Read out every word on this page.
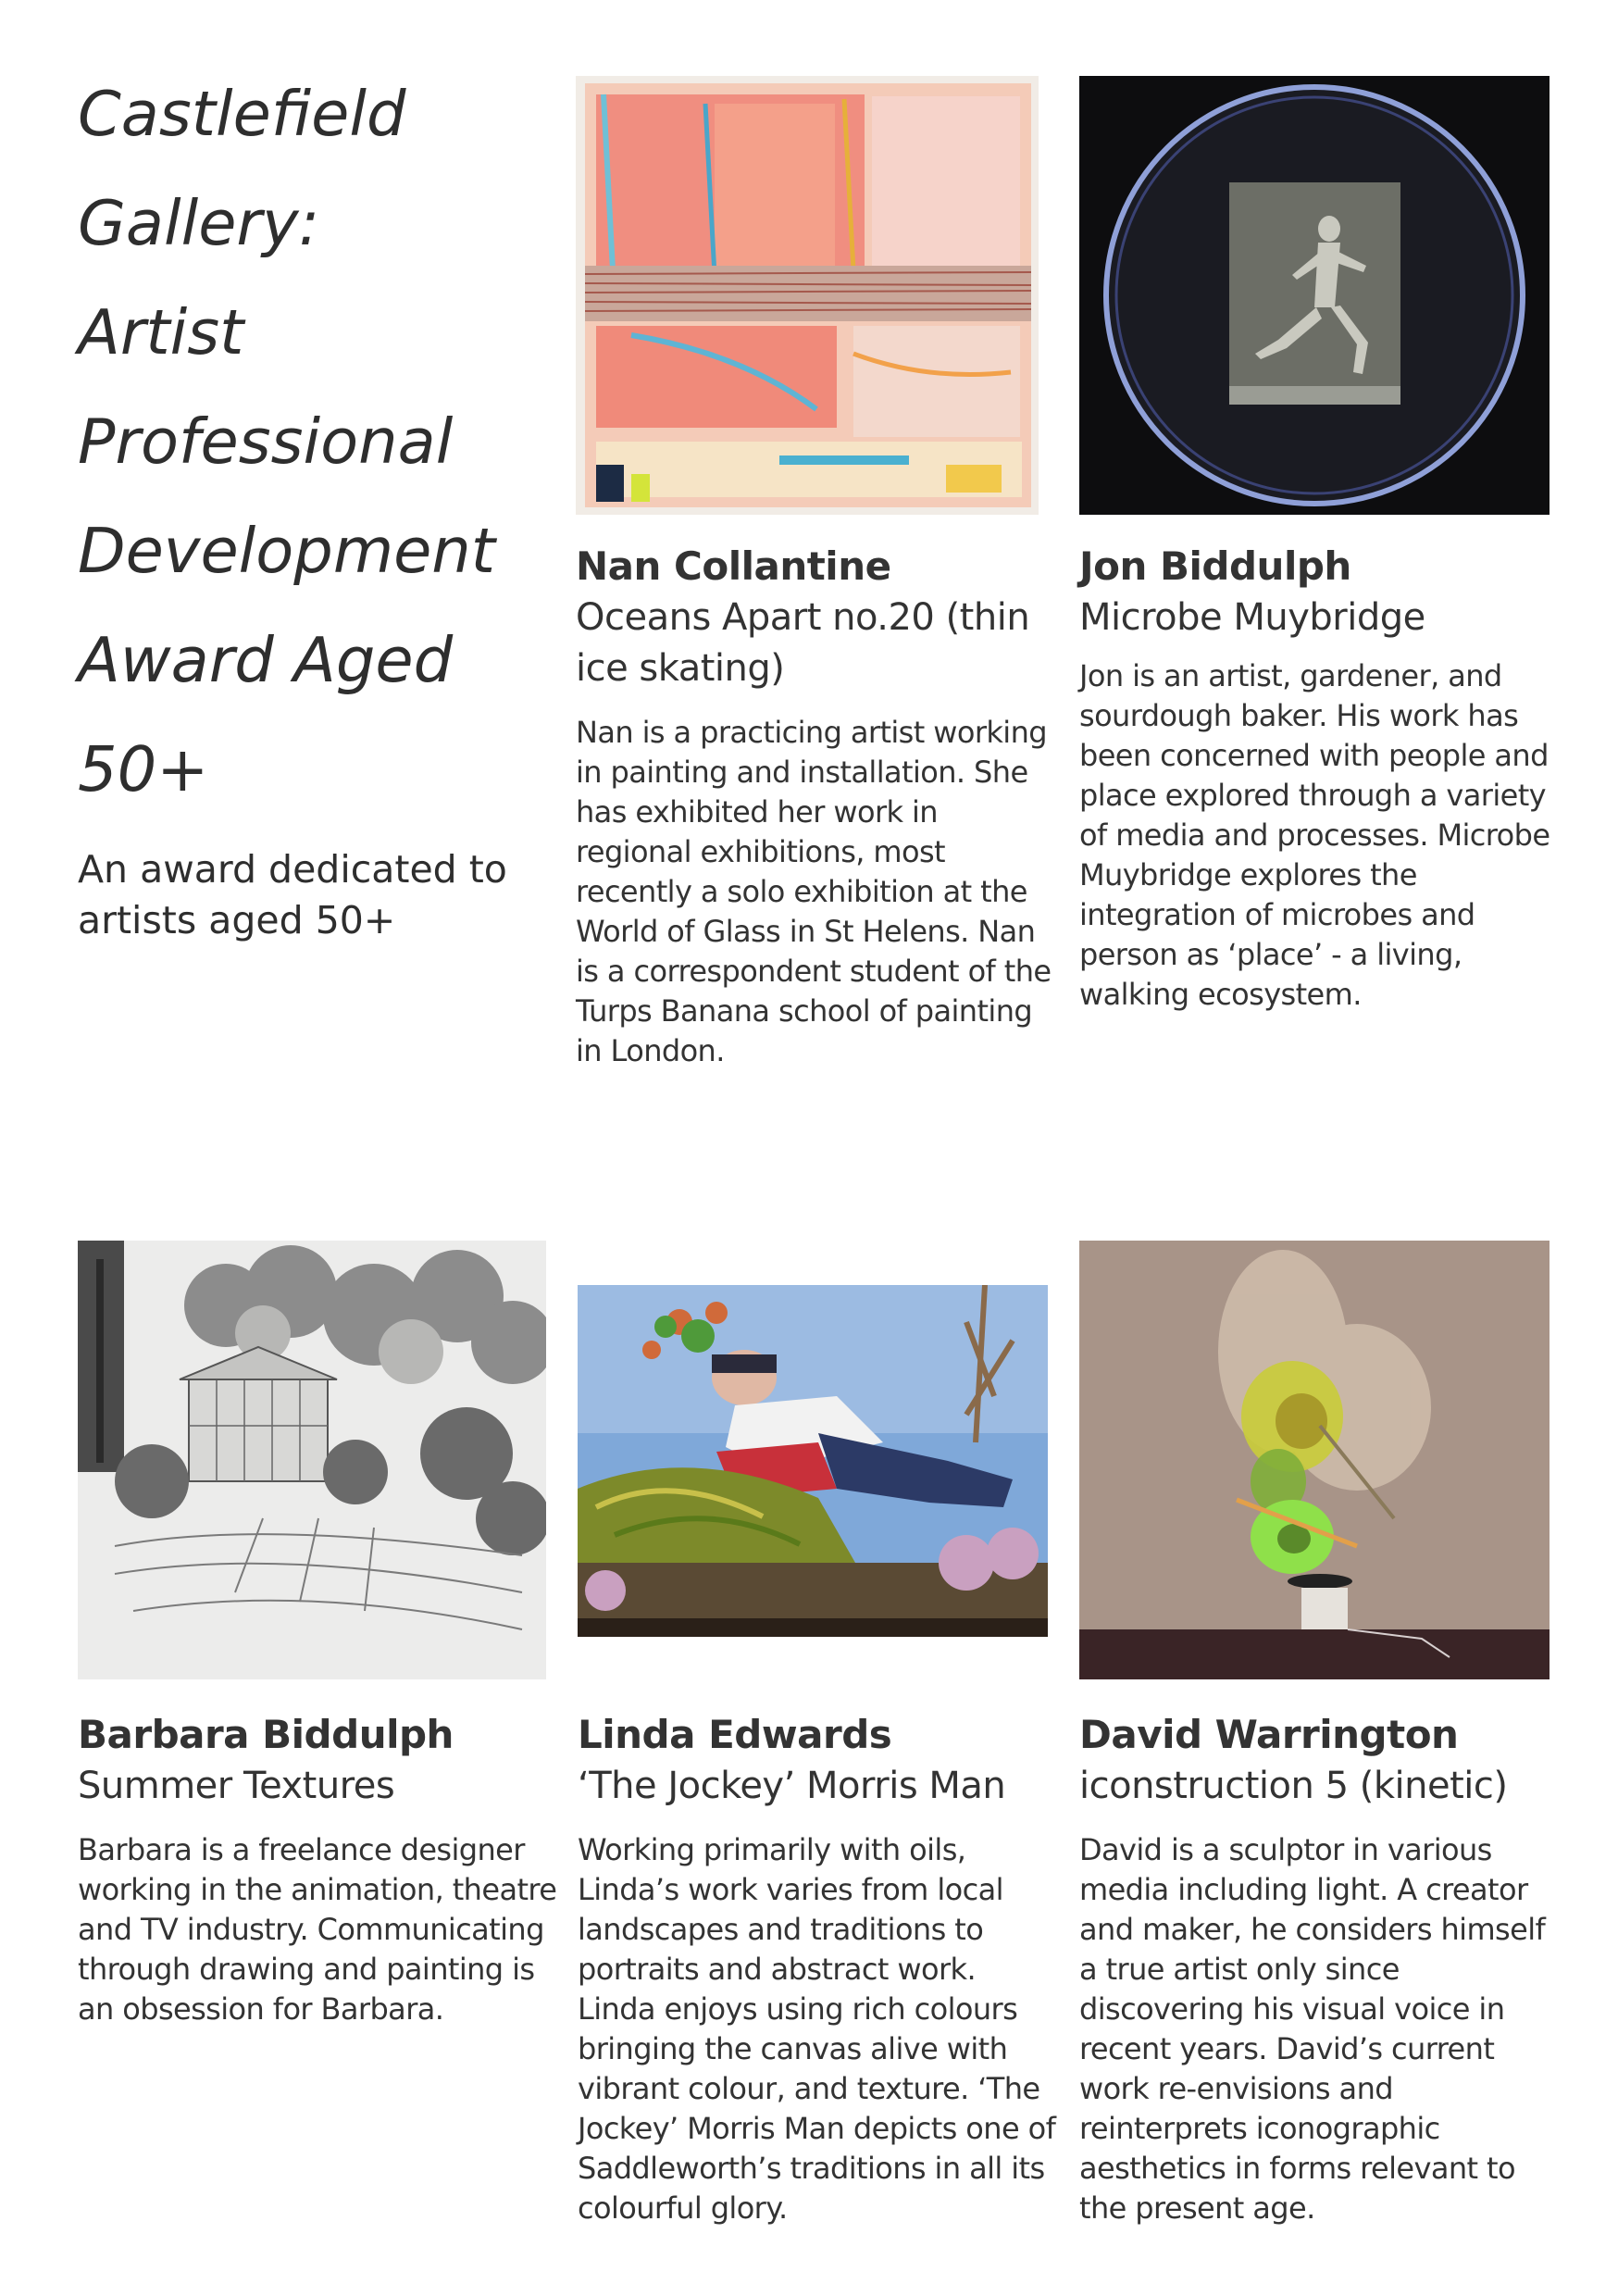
Castlefield
Gallery:
Artist
Professional
Development
Award Aged
50+

An award dedicated to artists aged 50+

Nan Collantine

Oceans Apart no.20 (thin ice skating)

Nan is a practicing artist working in painting and installation. She has exhibited her work in regional exhibitions, most recently a solo exhibition at the World of Glass in St Helens. Nan is a correspondent student of the Turps Banana school of painting in London.

Jon Biddulph

Microbe Muybridge

Jon is an artist, gardener, and sourdough baker. His work has been concerned with people and place explored through a variety of media and processes. Microbe Muybridge explores the integration of microbes and person as ‘place’ - a living, walking ecosystem.

Barbara Biddulph

Summer Textures

Barbara is a freelance designer working in the animation, theatre and TV industry. Communicating through drawing and painting is an obsession for Barbara.

Linda Edwards

‘The Jockey’ Morris Man

Working primarily with oils, Linda’s work varies from local landscapes and traditions to portraits and abstract work. Linda enjoys using rich colours bringing the canvas alive with vibrant colour, and texture. ‘The Jockey’ Morris Man depicts one of Saddleworth’s traditions in all its colourful glory.

David Warrington

iconstruction 5 (kinetic)

David is a sculptor in various media including light. A creator and maker, he considers himself a true artist only since discovering his visual voice in recent years. David’s current work re-envisions and reinterprets iconographic aesthetics in forms relevant to the present age.
